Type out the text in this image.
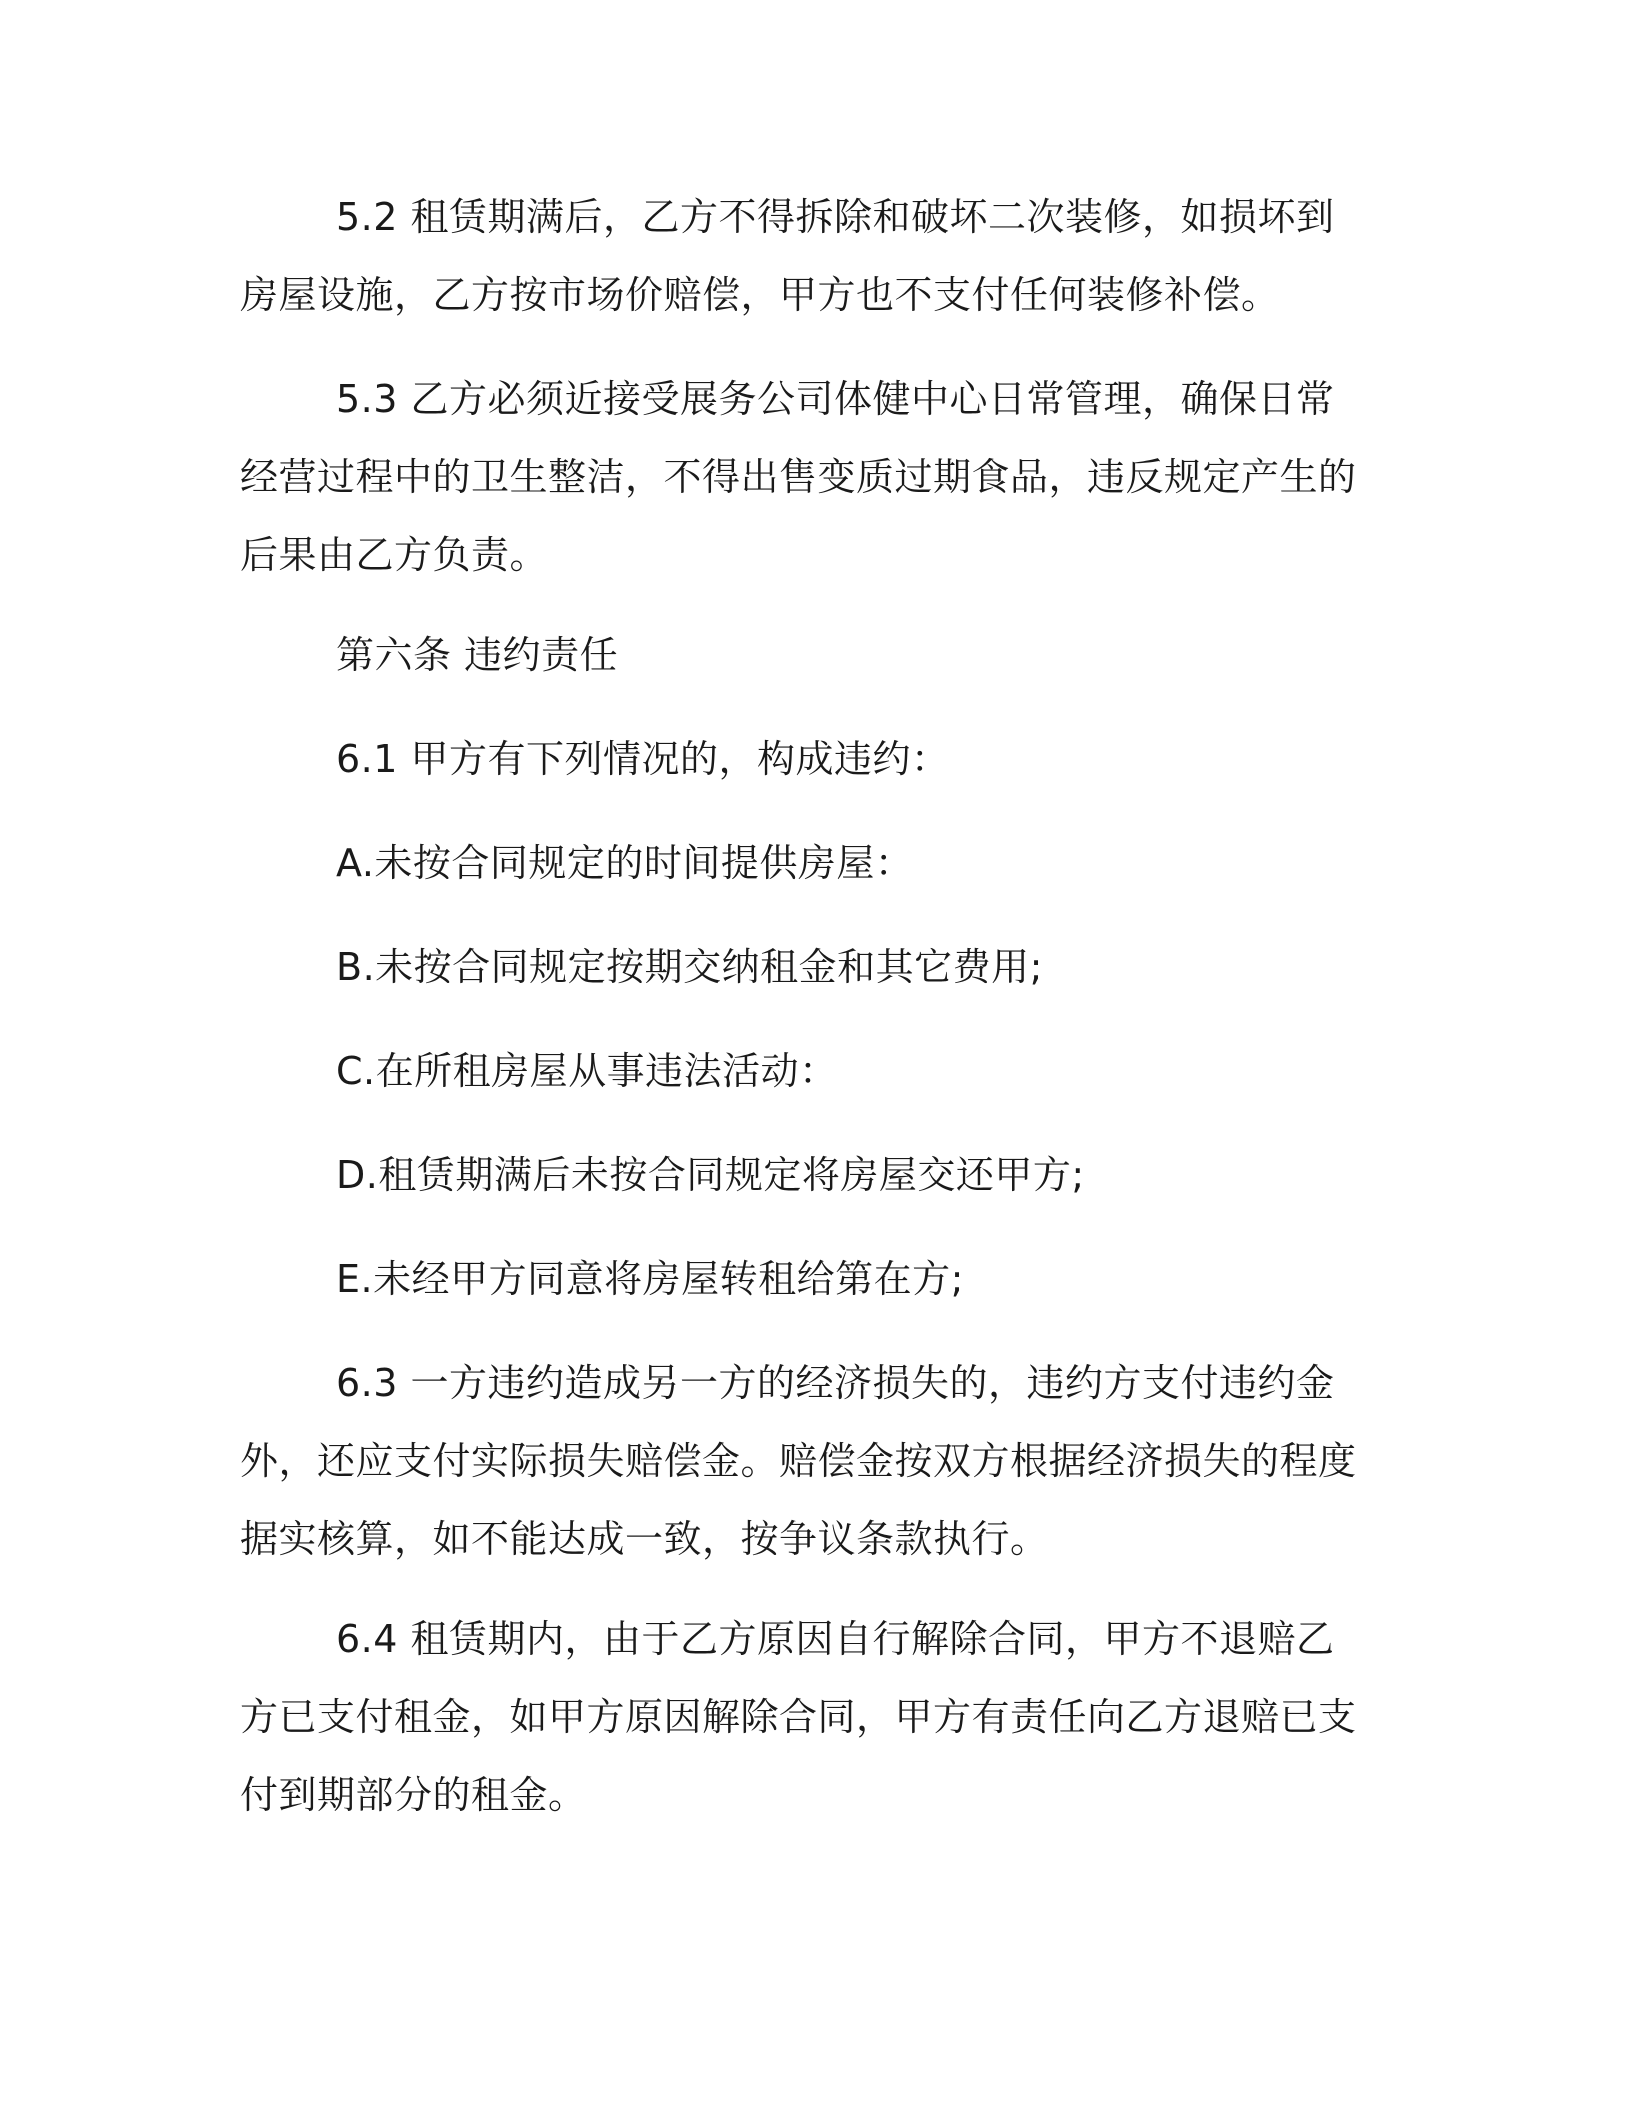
5.2 租赁期满后，乙方不得拆除和破坏二次装修，如损坏到房屋设施，乙方按市场价赔偿，甲方也不支付任何装修补偿。

5.3 乙方必须近接受展务公司体健中心日常管理，确保日常经营过程中的卫生整洁，不得出售变质过期食品，违反规定产生的后果由乙方负责。

第六条 违约责任

6.1 甲方有下列情况的，构成违约：

A.未按合同规定的时间提供房屋：

B.未按合同规定按期交纳租金和其它费用;

C.在所租房屋从事违法活动：

D.租赁期满后未按合同规定将房屋交还甲方;

E.未经甲方同意将房屋转租给第在方;

6.3 一方违约造成另一方的经济损失的，违约方支付违约金外，还应支付实际损失赔偿金。赔偿金按双方根据经济损失的程度据实核算，如不能达成一致，按争议条款执行。

6.4 租赁期内，由于乙方原因自行解除合同，甲方不退赔乙方已支付租金，如甲方原因解除合同，甲方有责任向乙方退赔已支付到期部分的租金。
